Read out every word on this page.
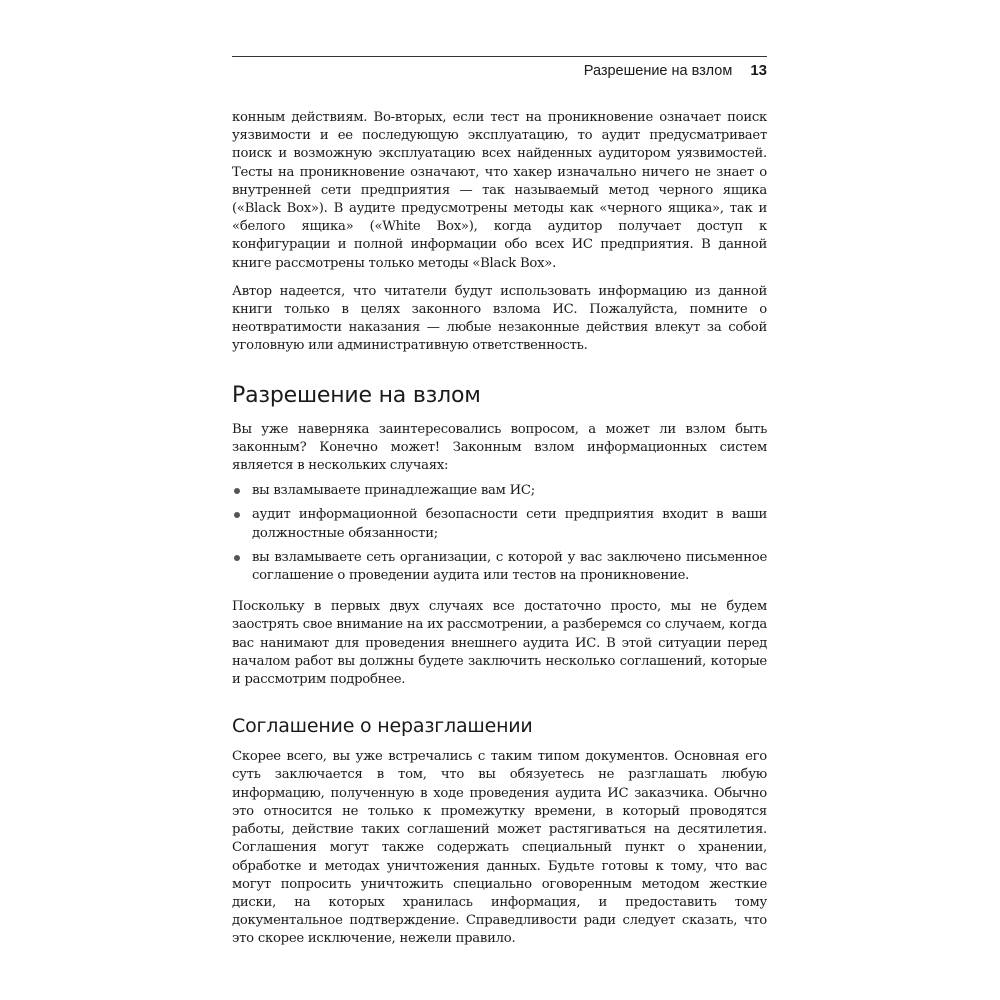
Разрешение на взлом 13

конным действиям. Во-вторых, если тест на проникновение означает поиск уязвимости и ее последующую эксплуатацию, то аудит предусматривает поиск и возможную эксплуатацию всех найденных аудитором уязвимостей. Тесты на проникновение означают, что хакер изначально ничего не знает о внутренней сети предприятия — так называемый метод черного ящика («Black Box»). В аудите предусмотрены методы как «черного ящика», так и «белого ящика» («White Box»), когда аудитор получает доступ к конфигурации и полной информации обо всех ИС предприятия. В данной книге рассмотрены только методы «Black Box».

Автор надеется, что читатели будут использовать информацию из данной книги только в целях законного взлома ИС. Пожалуйста, помните о неотвратимости наказания — любые незаконные действия влекут за собой уголовную или административную ответственность.

Разрешение на взлом

Вы уже наверняка заинтересовались вопросом, а может ли взлом быть законным? Конечно может! Законным взлом информационных систем является в нескольких случаях:

вы взламываете принадлежащие вам ИС;
аудит информационной безопасности сети предприятия входит в ваши должностные обязанности;
вы взламываете сеть организации, с которой у вас заключено письменное соглашение о проведении аудита или тестов на проникновение.

Поскольку в первых двух случаях все достаточно просто, мы не будем заострять свое внимание на их рассмотрении, а разберемся со случаем, когда вас нанимают для проведения внешнего аудита ИС. В этой ситуации перед началом работ вы должны будете заключить несколько соглашений, которые и рассмотрим подробнее.

Соглашение о неразглашении

Скорее всего, вы уже встречались с таким типом документов. Основная его суть заключается в том, что вы обязуетесь не разглашать любую информацию, полученную в ходе проведения аудита ИС заказчика. Обычно это относится не только к промежутку времени, в который проводятся работы, действие таких соглашений может растягиваться на десятилетия. Соглашения могут также содержать специальный пункт о хранении, обработке и методах уничтожения данных. Будьте готовы к тому, что вас могут попросить уничтожить специально оговоренным методом жесткие диски, на которых хранилась информация, и предоставить тому документальное подтверждение. Справедливости ради следует сказать, что это скорее исключение, нежели правило.
